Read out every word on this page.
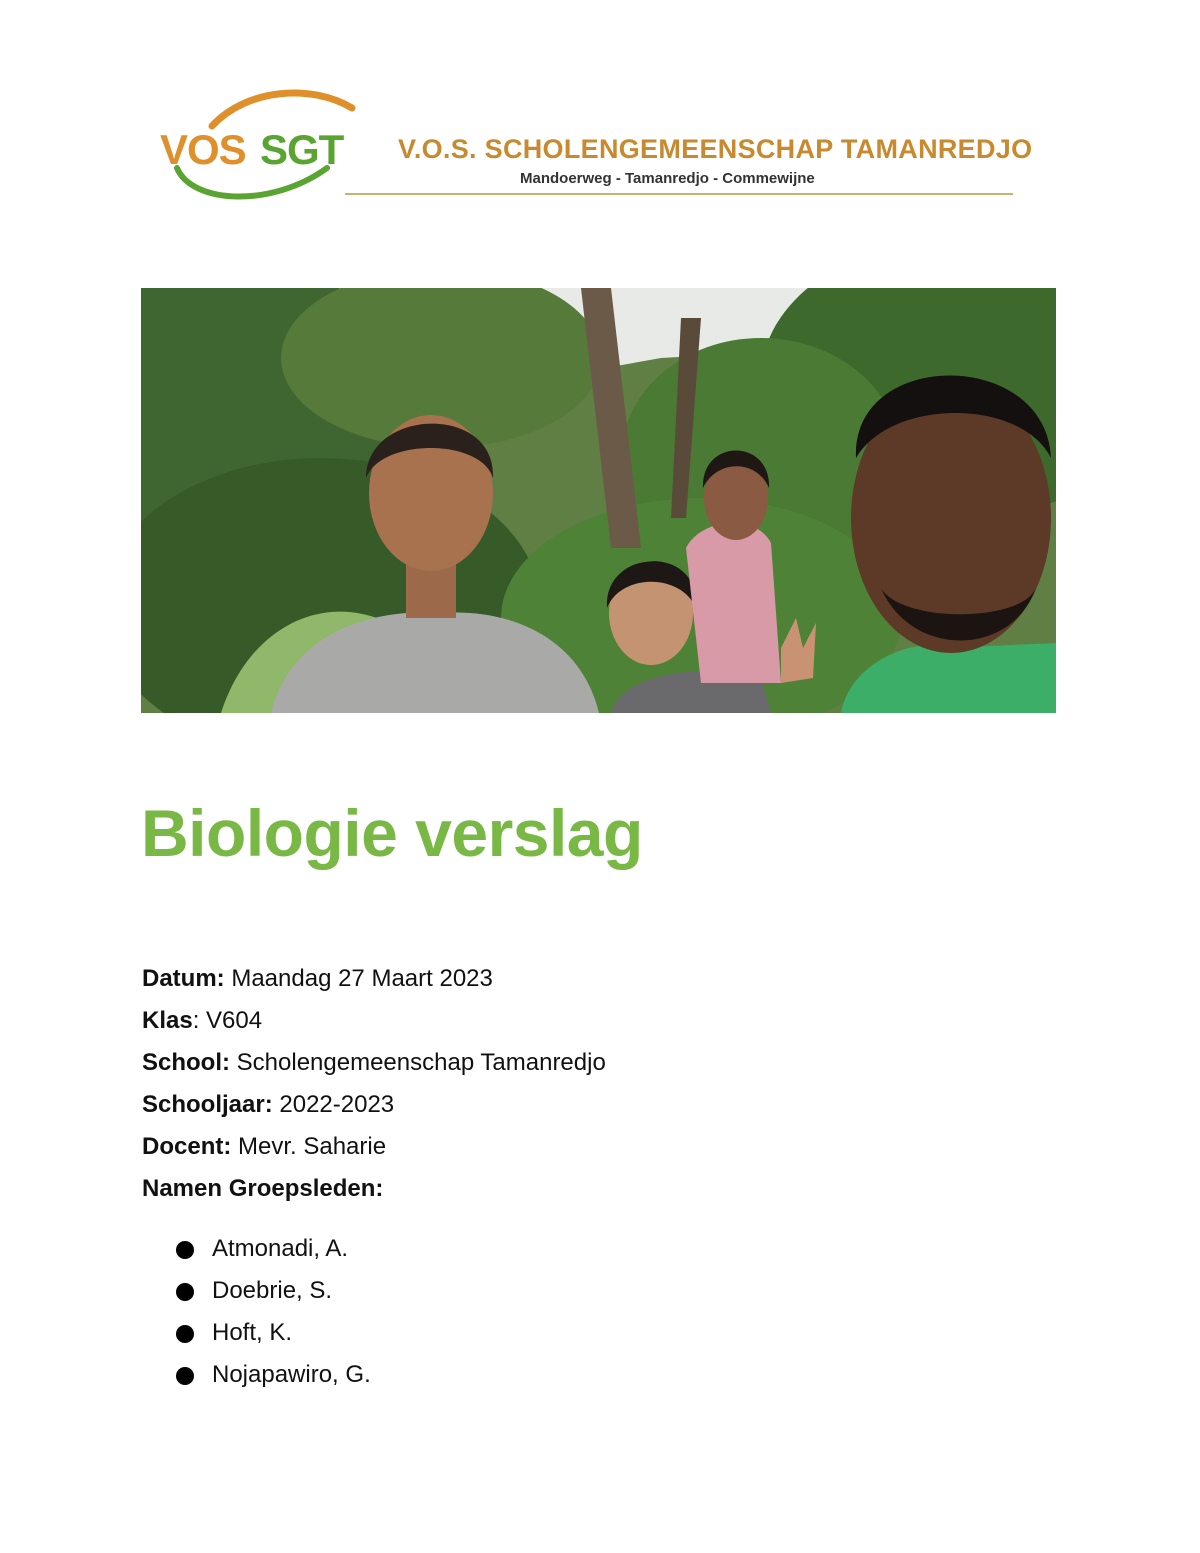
VOS SGT V.O.S. SCHOLENGEMEENSCHAP TAMANREDJO
Mandoerweg - Tamanredjo - Commewijne
Biologie verslag
Datum: Maandag 27 Maart 2023
Klas: V604
School: Scholengemeenschap Tamanredjo
Schooljaar: 2022-2023
Docent: Mevr. Saharie
Namen Groepsleden:
Atmonadi, A.
Doebrie, S.
Hoft, K.
Nojapawiro, G.
